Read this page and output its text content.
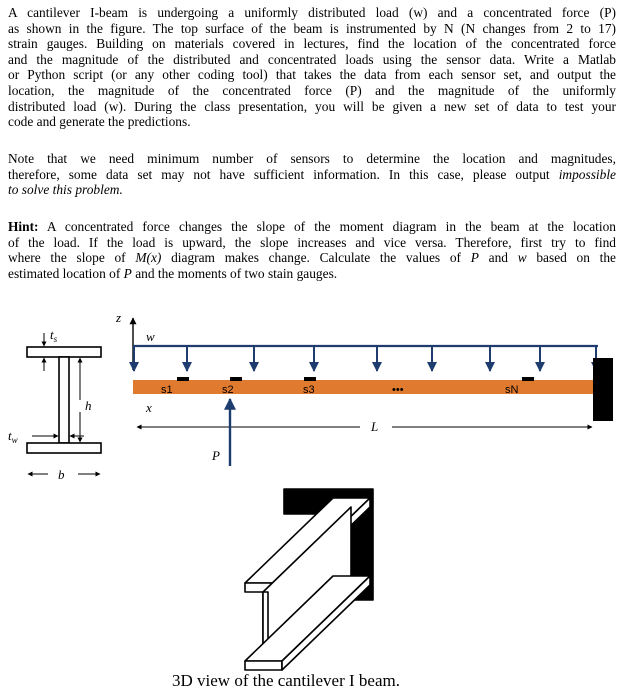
A cantilever I-beam is undergoing a uniformly distributed load (w) and a concentrated force (P)
as shown in the figure. The top surface of the beam is instrumented by N (N changes from 2 to 17)
strain gauges. Building on materials covered in lectures, find the location of the concentrated force
and the magnitude of the distributed and concentrated loads using the sensor data. Write a Matlab
or Python script (or any other coding tool) that takes the data from each sensor set, and output the
location, the magnitude of the concentrated force (P) and the magnitude of the uniformly
distributed load (w). During the class presentation, you will be given a new set of data to test your
code and generate the predictions.
Note that we need minimum number of sensors to determine the location and magnitudes,
therefore, some data set may not have sufficient information. In this case, please output impossible
to solve this problem.
Hint: A concentrated force changes the slope of the moment diagram in the beam at the location
of the load. If the load is upward, the slope increases and vice versa. Therefore, first try to find
where the slope of M(x) diagram makes change. Calculate the values of P and w based on the
estimated location of P and the moments of two stain gauges.
$t_s$
h
$t_w$
b
z
w
s1	s2	s3	•••	sN
x
L
P
3D view of the cantilever I beam.
